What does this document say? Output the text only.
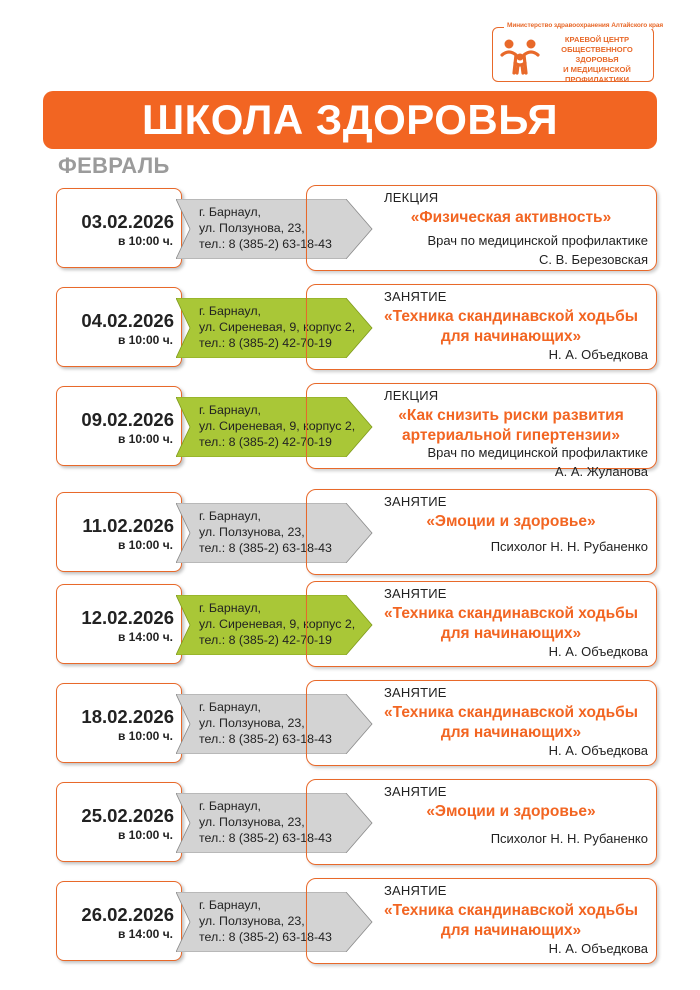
Министерство здравоохранения Алтайского края
КРАЕВОЙ ЦЕНТР
ОБЩЕСТВЕННОГО ЗДОРОВЬЯ
И МЕДИЦИНСКОЙ
ПРОФИЛАКТИКИ
ШКОЛА ЗДОРОВЬЯ
ФЕВРАЛЬ
03.02.2026
в 10:00 ч.
г. Барнаул,
ул. Ползунова, 23,
тел.: 8 (385-2) 63-18-43
ЛЕКЦИЯ
«Физическая активность»
Врач по медицинской профилактике
С. В. Березовская
04.02.2026
в 10:00 ч.
г. Барнаул,
ул. Сиреневая, 9, корпус 2,
тел.: 8 (385-2) 42-70-19
ЗАНЯТИЕ
«Техника скандинавской ходьбы для начинающих»
Н. А. Объедкова
09.02.2026
в 10:00 ч.
г. Барнаул,
ул. Сиреневая, 9, корпус 2,
тел.: 8 (385-2) 42-70-19
ЛЕКЦИЯ
«Как снизить риски развития артериальной гипертензии»
Врач по медицинской профилактике
А. А. Жуланова
11.02.2026
в 10:00 ч.
г. Барнаул,
ул. Ползунова, 23,
тел.: 8 (385-2) 63-18-43
ЗАНЯТИЕ
«Эмоции и здоровье»
Психолог Н. Н. Рубаненко
12.02.2026
в 14:00 ч.
г. Барнаул,
ул. Сиреневая, 9, корпус 2,
тел.: 8 (385-2) 42-70-19
ЗАНЯТИЕ
«Техника скандинавской ходьбы для начинающих»
Н. А. Объедкова
18.02.2026
в 10:00 ч.
г. Барнаул,
ул. Ползунова, 23,
тел.: 8 (385-2) 63-18-43
ЗАНЯТИЕ
«Техника скандинавской ходьбы для начинающих»
Н. А. Объедкова
25.02.2026
в 10:00 ч.
г. Барнаул,
ул. Ползунова, 23,
тел.: 8 (385-2) 63-18-43
ЗАНЯТИЕ
«Эмоции и здоровье»
Психолог Н. Н. Рубаненко
26.02.2026
в 14:00 ч.
г. Барнаул,
ул. Ползунова, 23,
тел.: 8 (385-2) 63-18-43
ЗАНЯТИЕ
«Техника скандинавской ходьбы для начинающих»
Н. А. Объедкова
